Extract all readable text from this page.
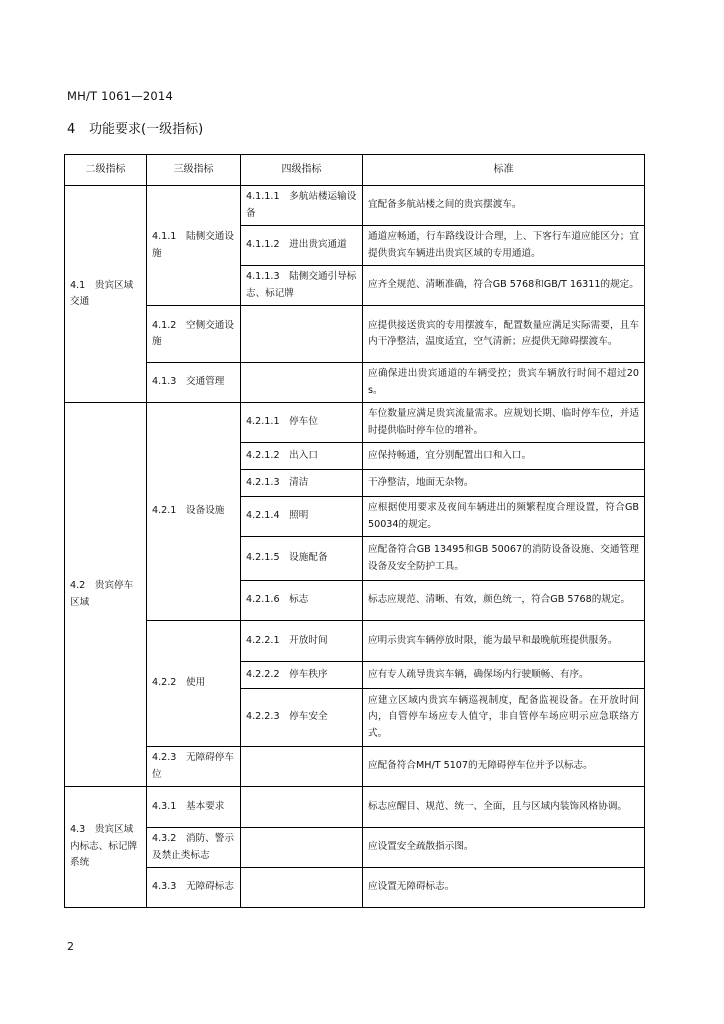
MH/T 1061—2014
4 功能要求(一级指标)
二级指标	三级指标	四级指标	标准
4.1　贵宾区域交通	4.1.1　陆侧交通设施	4.1.1.1　多航站楼运输设备	宜配备多航站楼之间的贵宾摆渡车。
		4.1.1.2　进出贵宾通道	通道应畅通，行车路线设计合理，上、下客行车道应能区分；宜提供贵宾车辆进出贵宾区域的专用通道。
		4.1.1.3　陆侧交通引导标志、标记牌	应齐全规范、清晰准确，符合GB 5768和GB/T 16311的规定。
	4.1.2　空侧交通设施		应提供接送贵宾的专用摆渡车，配置数量应满足实际需要，且车内干净整洁，温度适宜，空气清新；应提供无障碍摆渡车。
	4.1.3　交通管理		应确保进出贵宾通道的车辆受控；贵宾车辆放行时间不超过20 s。
4.2　贵宾停车区域	4.2.1　设备设施	4.2.1.1　停车位	车位数量应满足贵宾流量需求。应规划长期、临时停车位，并适时提供临时停车位的增补。
		4.2.1.2　出入口	应保持畅通，宜分别配置出口和入口。
		4.2.1.3　清洁	干净整洁，地面无杂物。
		4.2.1.4　照明	应根据使用要求及夜间车辆进出的频繁程度合理设置，符合GB 50034的规定。
		4.2.1.5　设施配备	应配备符合GB 13495和GB 50067的消防设备设施、交通管理设备及安全防护工具。
		4.2.1.6　标志	标志应规范、清晰、有效，颜色统一，符合GB 5768的规定。
	4.2.2　使用	4.2.2.1　开放时间	应明示贵宾车辆停放时限，能为最早和最晚航班提供服务。
		4.2.2.2　停车秩序	应有专人疏导贵宾车辆，确保场内行驶顺畅、有序。
		4.2.2.3　停车安全	应建立区域内贵宾车辆巡视制度，配备监视设备。在开放时间内，自管停车场应专人值守，非自管停车场应明示应急联络方式。
	4.2.3　无障碍停车位		应配备符合MH/T 5107的无障碍停车位并予以标志。
4.3　贵宾区域内标志、标记牌系统	4.3.1　基本要求		标志应醒目、规范、统一、全面，且与区域内装饰风格协调。
	4.3.2　消防、警示及禁止类标志		应设置安全疏散指示图。
	4.3.3　无障碍标志		应设置无障碍标志。
2
